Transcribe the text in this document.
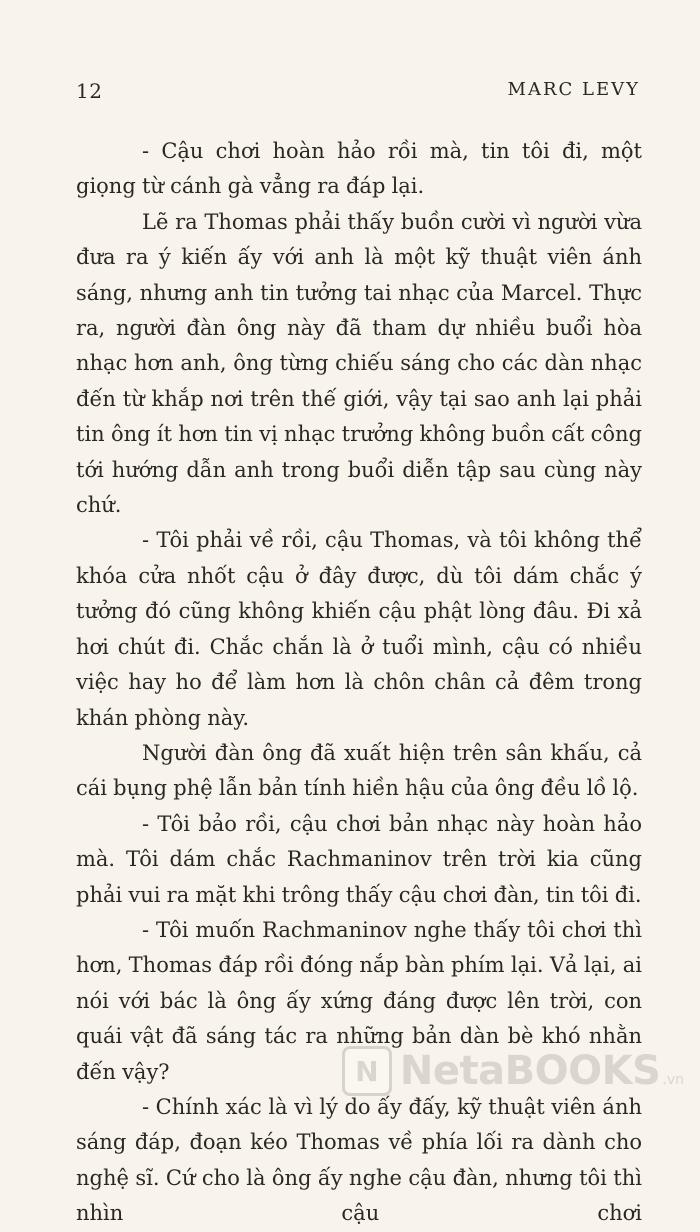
12	MARC LEVY

- Cậu chơi hoàn hảo rồi mà, tin tôi đi, một giọng từ cánh gà vẳng ra đáp lại.

Lẽ ra Thomas phải thấy buồn cười vì người vừa đưa ra ý kiến ấy với anh là một kỹ thuật viên ánh sáng, nhưng anh tin tưởng tai nhạc của Marcel. Thực ra, người đàn ông này đã tham dự nhiều buổi hòa nhạc hơn anh, ông từng chiếu sáng cho các dàn nhạc đến từ khắp nơi trên thế giới, vậy tại sao anh lại phải tin ông ít hơn tin vị nhạc trưởng không buồn cất công tới hướng dẫn anh trong buổi diễn tập sau cùng này chứ.

- Tôi phải về rồi, cậu Thomas, và tôi không thể khóa cửa nhốt cậu ở đây được, dù tôi dám chắc ý tưởng đó cũng không khiến cậu phật lòng đâu. Đi xả hơi chút đi. Chắc chắn là ở tuổi mình, cậu có nhiều việc hay ho để làm hơn là chôn chân cả đêm trong khán phòng này.

Người đàn ông đã xuất hiện trên sân khấu, cả cái bụng phệ lẫn bản tính hiền hậu của ông đều lồ lộ.

- Tôi bảo rồi, cậu chơi bản nhạc này hoàn hảo mà. Tôi dám chắc Rachmaninov trên trời kia cũng phải vui ra mặt khi trông thấy cậu chơi đàn, tin tôi đi.

- Tôi muốn Rachmaninov nghe thấy tôi chơi thì hơn, Thomas đáp rồi đóng nắp bàn phím lại. Vả lại, ai nói với bác là ông ấy xứng đáng được lên trời, con quái vật đã sáng tác ra những bản dàn bè khó nhằn đến vậy?

- Chính xác là vì lý do ấy đấy, kỹ thuật viên ánh sáng đáp, đoạn kéo Thomas về phía lối ra dành cho nghệ sĩ. Cứ cho là ông ấy nghe cậu đàn, nhưng tôi thì nhìn cậu chơi

N NetaBOOKS .vn
